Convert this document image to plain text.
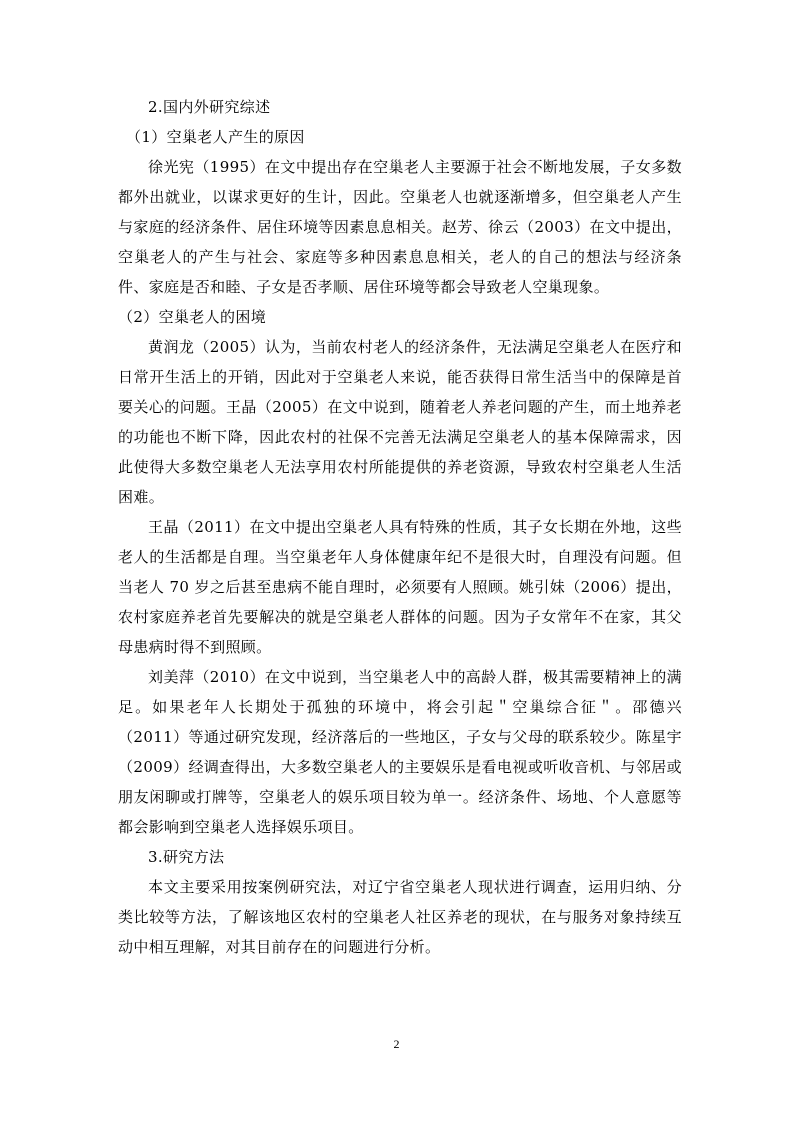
2.国内外研究综述

（1）空巢老人产生的原因

徐光宪（1995）在文中提出存在空巢老人主要源于社会不断地发展，子女多数都外出就业，以谋求更好的生计，因此。空巢老人也就逐渐增多，但空巢老人产生与家庭的经济条件、居住环境等因素息息相关。赵芳、徐云（2003）在文中提出，空巢老人的产生与社会、家庭等多种因素息息相关，老人的自己的想法与经济条件、家庭是否和睦、子女是否孝顺、居住环境等都会导致老人空巢现象。

（2）空巢老人的困境

黄润龙（2005）认为，当前农村老人的经济条件，无法满足空巢老人在医疗和日常开生活上的开销，因此对于空巢老人来说，能否获得日常生活当中的保障是首要关心的问题。王晶（2005）在文中说到，随着老人养老问题的产生，而土地养老的功能也不断下降，因此农村的社保不完善无法满足空巢老人的基本保障需求，因此使得大多数空巢老人无法享用农村所能提供的养老资源，导致农村空巢老人生活困难。

王晶（2011）在文中提出空巢老人具有特殊的性质，其子女长期在外地，这些老人的生活都是自理。当空巢老年人身体健康年纪不是很大时，自理没有问题。但当老人 70 岁之后甚至患病不能自理时，必须要有人照顾。姚引妹（2006）提出，农村家庭养老首先要解决的就是空巢老人群体的问题。因为子女常年不在家，其父母患病时得不到照顾。

刘美萍（2010）在文中说到，当空巢老人中的高龄人群，极其需要精神上的满足。如果老年人长期处于孤独的环境中，将会引起＂空巢综合征＂。邵德兴（2011）等通过研究发现，经济落后的一些地区，子女与父母的联系较少。陈星宇（2009）经调查得出，大多数空巢老人的主要娱乐是看电视或听收音机、与邻居或朋友闲聊或打牌等，空巢老人的娱乐项目较为单一。经济条件、场地、个人意愿等都会影响到空巢老人选择娱乐项目。

3.研究方法

本文主要采用按案例研究法，对辽宁省空巢老人现状进行调查，运用归纳、分类比较等方法，了解该地区农村的空巢老人社区养老的现状，在与服务对象持续互动中相互理解，对其目前存在的问题进行分析。

2
